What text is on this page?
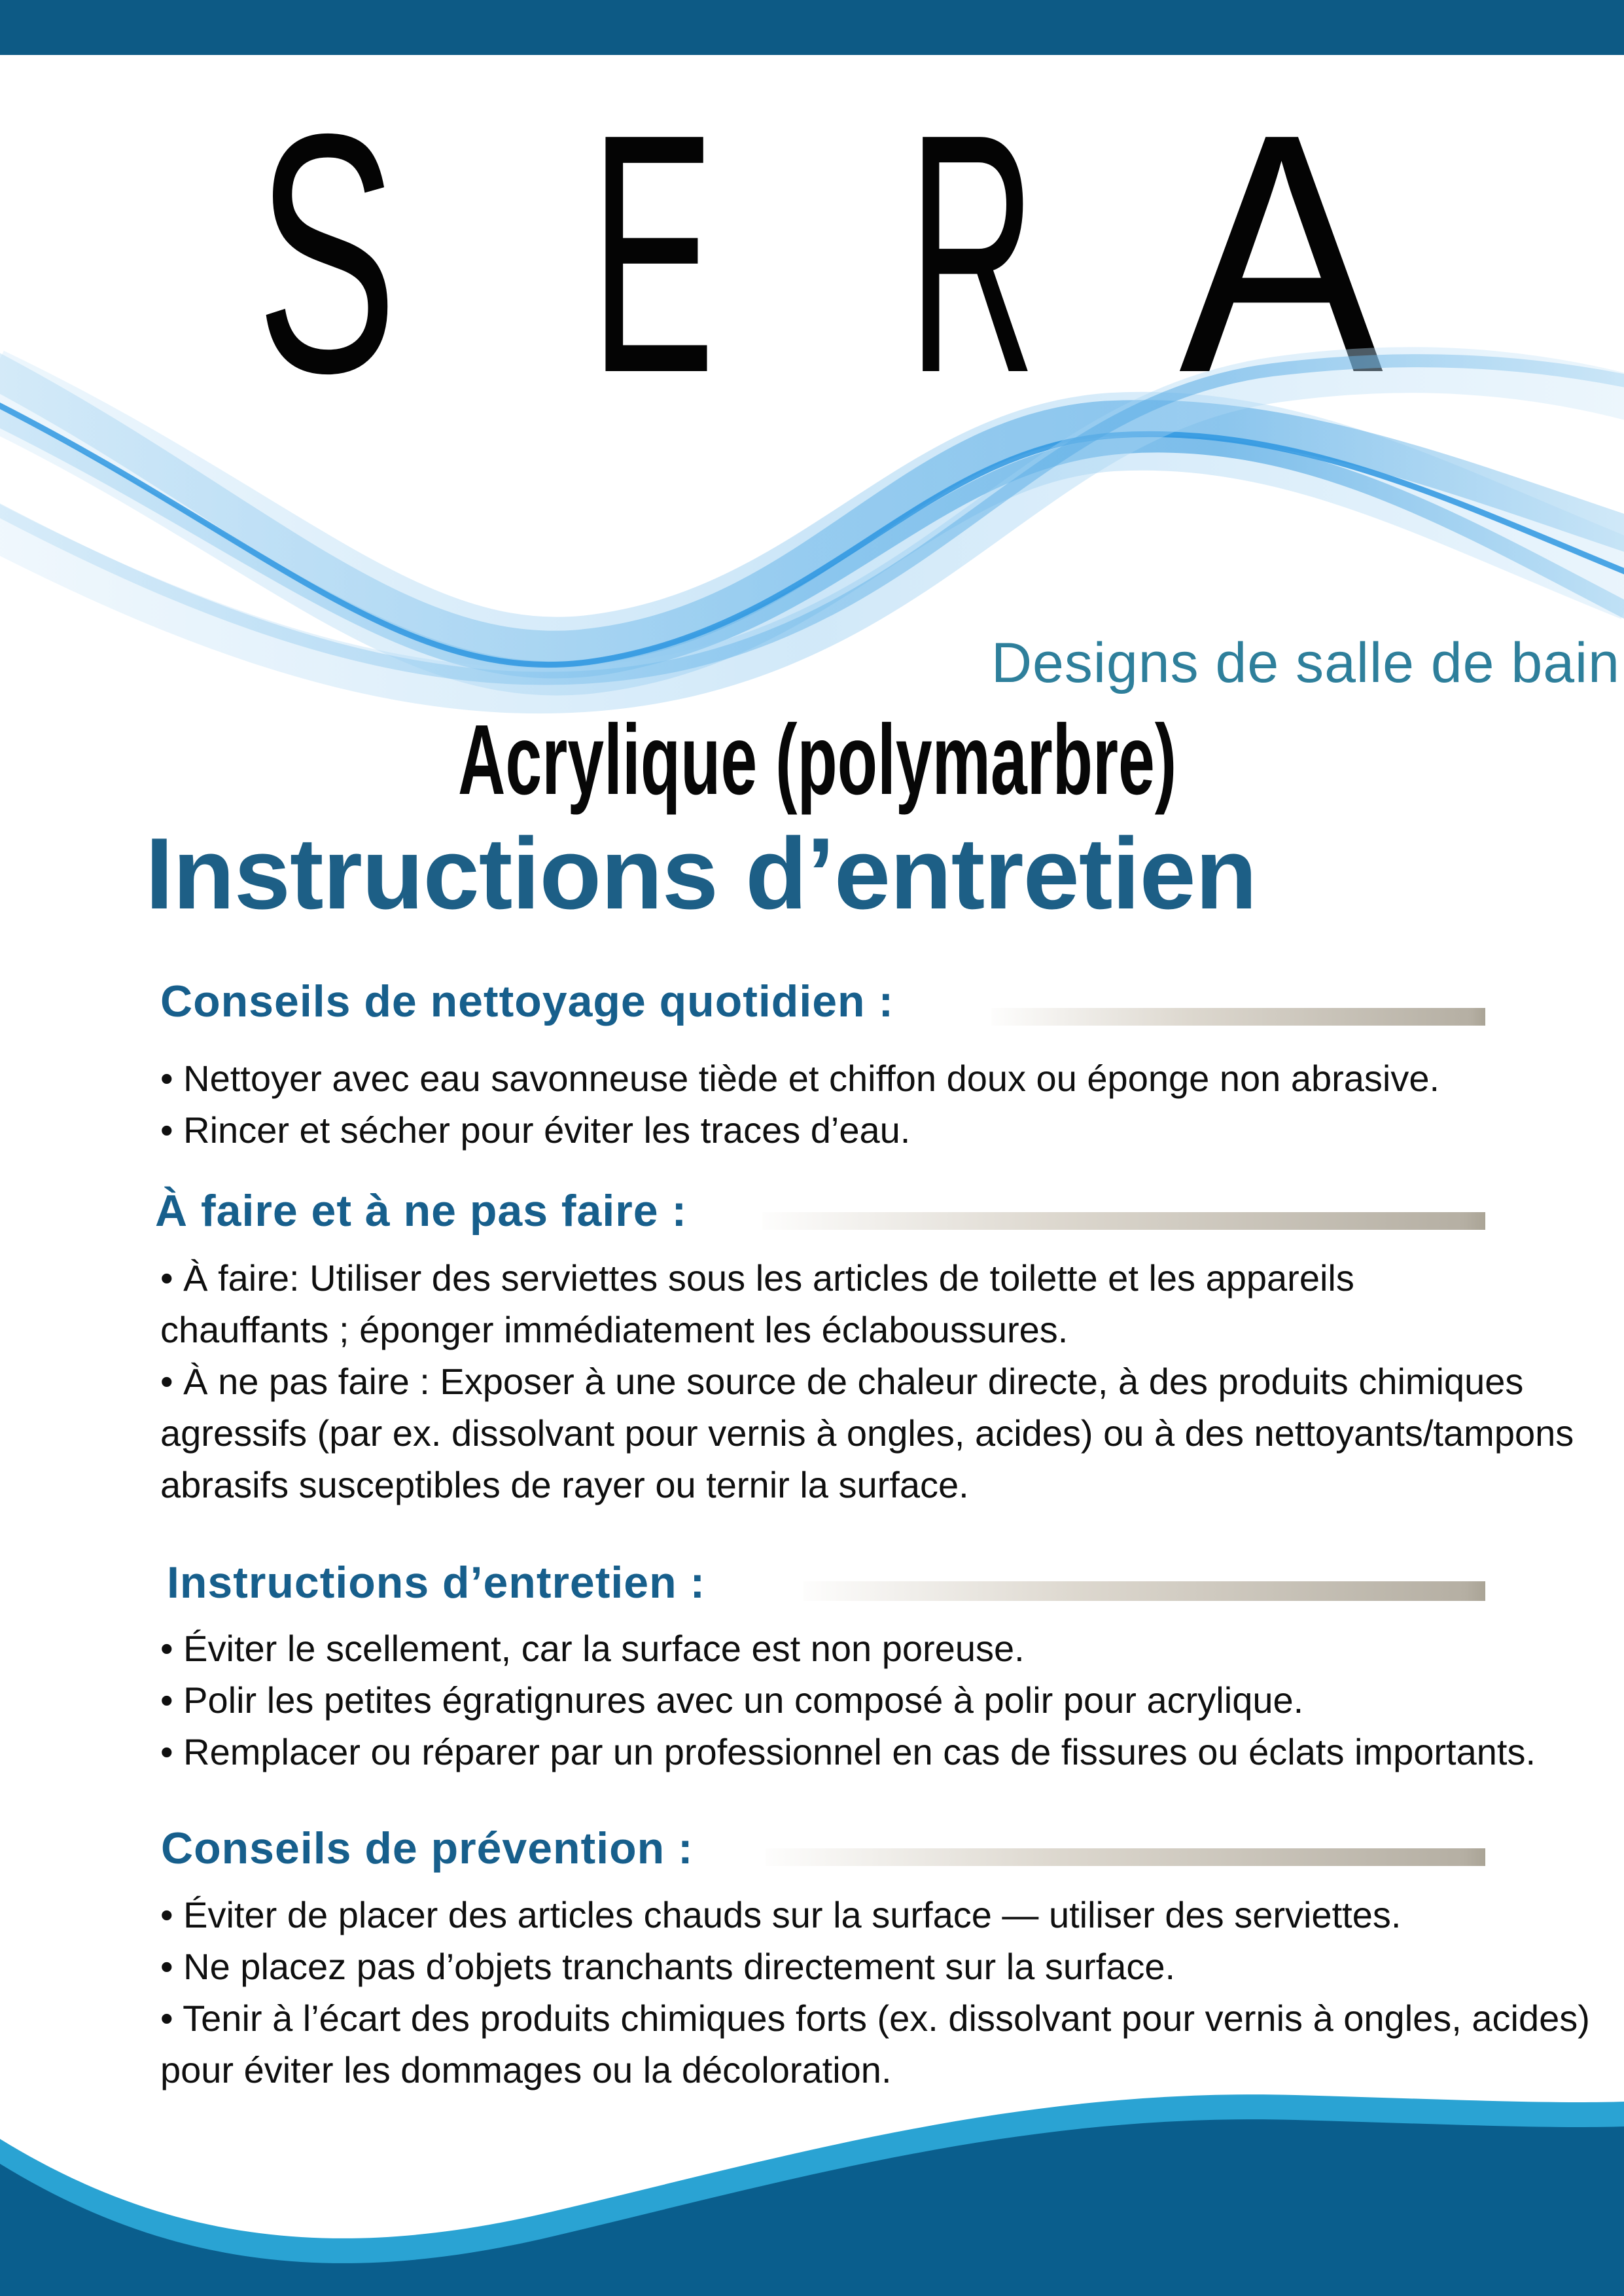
S E R A
Designs de salle de bain
Acrylique (polymarbre)
Instructions d’entretien
Conseils de nettoyage quotidien :
• Nettoyer avec eau savonneuse tiède et chiffon doux ou éponge non abrasive.
• Rincer et sécher pour éviter les traces d’eau.
À faire et à ne pas faire :
• À faire: Utiliser des serviettes sous les articles de toilette et les appareils
chauffants ; éponger immédiatement les éclaboussures.
• À ne pas faire : Exposer à une source de chaleur directe, à des produits chimiques
agressifs (par ex. dissolvant pour vernis à ongles, acides) ou à des nettoyants/tampons
abrasifs susceptibles de rayer ou ternir la surface.
Instructions d’entretien :
• Éviter le scellement, car la surface est non poreuse.
• Polir les petites égratignures avec un composé à polir pour acrylique.
• Remplacer ou réparer par un professionnel en cas de fissures ou éclats importants.
Conseils de prévention :
• Éviter de placer des articles chauds sur la surface — utiliser des serviettes.
• Ne placez pas d’objets tranchants directement sur la surface.
• Tenir à l’écart des produits chimiques forts (ex. dissolvant pour vernis à ongles, acides)
pour éviter les dommages ou la décoloration.
